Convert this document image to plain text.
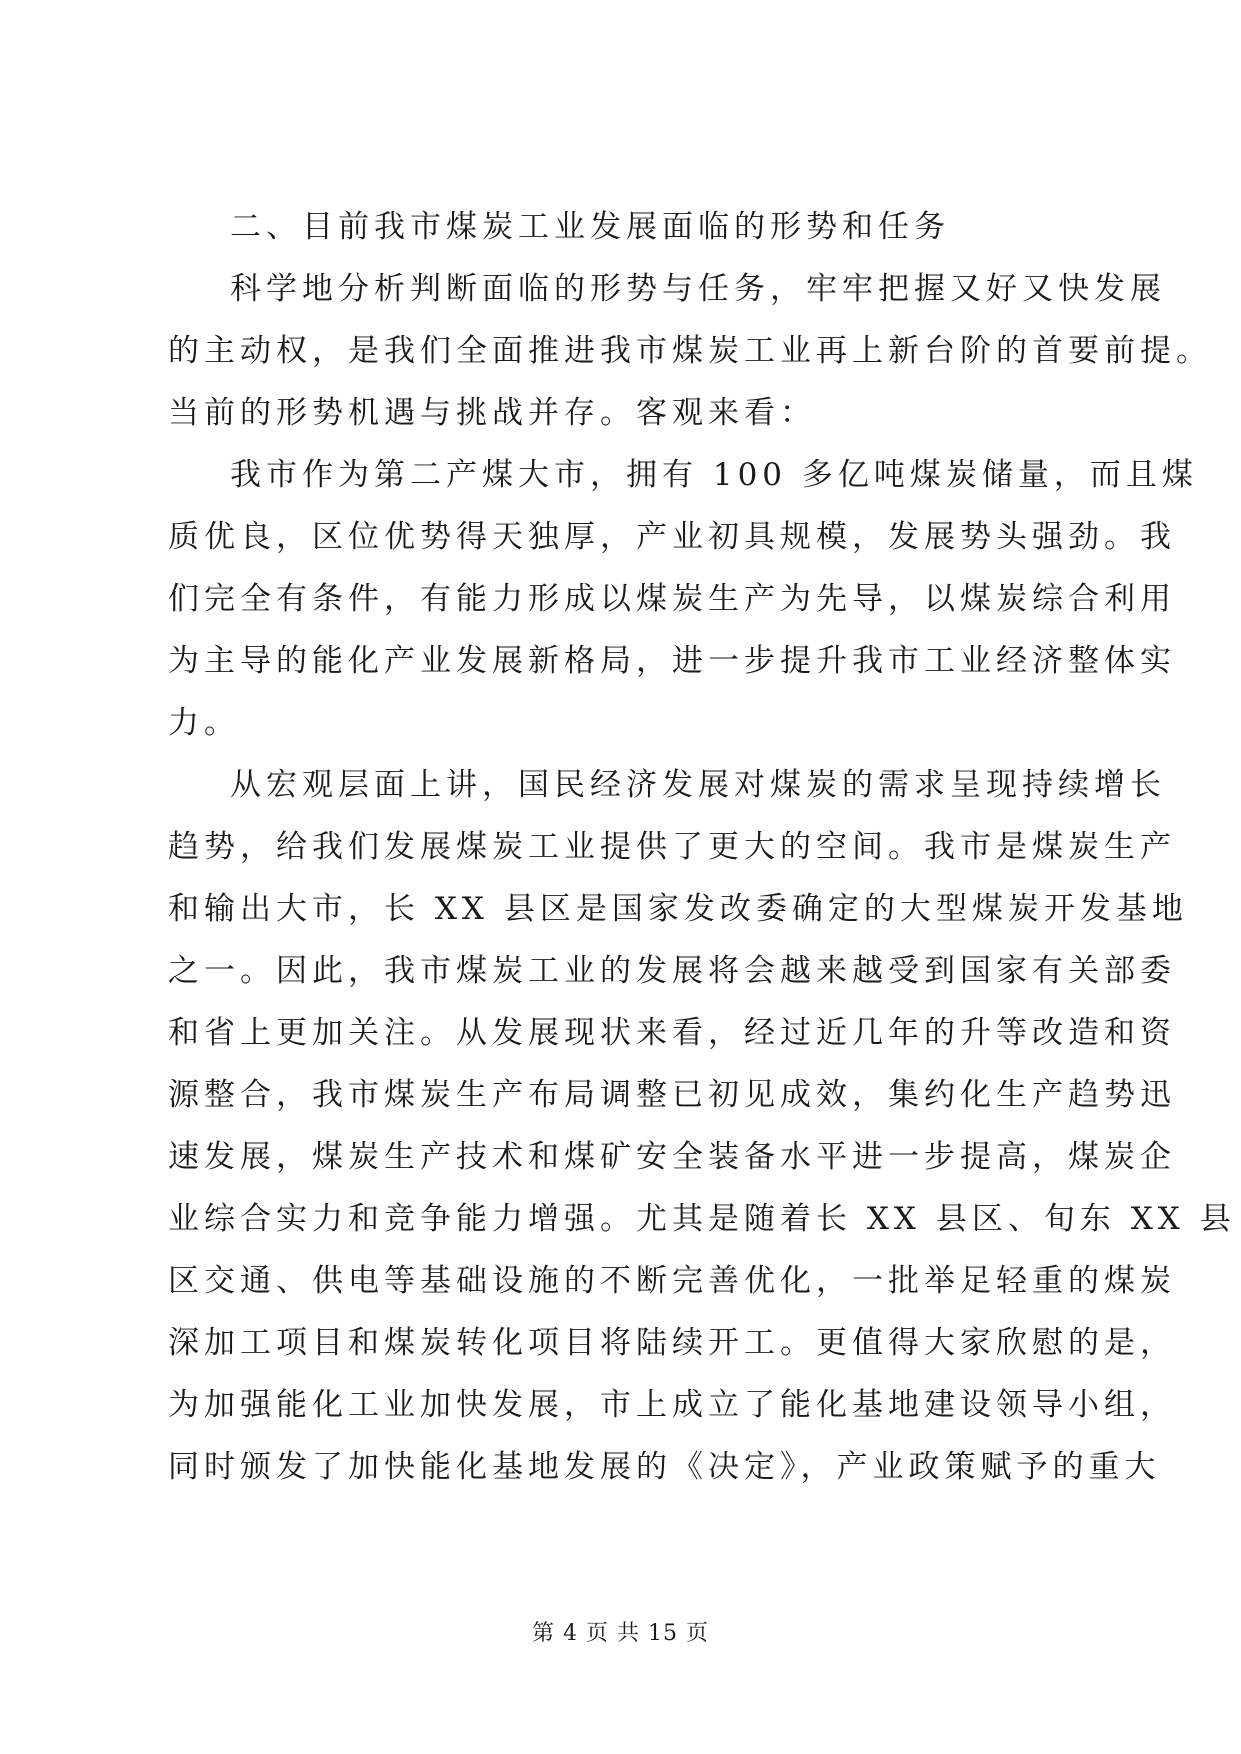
二、目前我市煤炭工业发展面临的形势和任务
科学地分析判断面临的形势与任务，牢牢把握又好又快发展
的主动权，是我们全面推进我市煤炭工业再上新台阶的首要前提。
当前的形势机遇与挑战并存。客观来看：
我市作为第二产煤大市，拥有 100 多亿吨煤炭储量，而且煤
质优良，区位优势得天独厚，产业初具规模，发展势头强劲。我
们完全有条件，有能力形成以煤炭生产为先导，以煤炭综合利用
为主导的能化产业发展新格局，进一步提升我市工业经济整体实
力。
从宏观层面上讲，国民经济发展对煤炭的需求呈现持续增长
趋势，给我们发展煤炭工业提供了更大的空间。我市是煤炭生产
和输出大市，长 XX 县区是国家发改委确定的大型煤炭开发基地
之一。因此，我市煤炭工业的发展将会越来越受到国家有关部委
和省上更加关注。从发展现状来看，经过近几年的升等改造和资
源整合，我市煤炭生产布局调整已初见成效，集约化生产趋势迅
速发展，煤炭生产技术和煤矿安全装备水平进一步提高，煤炭企
业综合实力和竞争能力增强。尤其是随着长 XX 县区、旬东 XX 县
区交通、供电等基础设施的不断完善优化，一批举足轻重的煤炭
深加工项目和煤炭转化项目将陆续开工。更值得大家欣慰的是，
为加强能化工业加快发展，市上成立了能化基地建设领导小组，
同时颁发了加快能化基地发展的《决定》，产业政策赋予的重大
第 4 页 共 15 页
